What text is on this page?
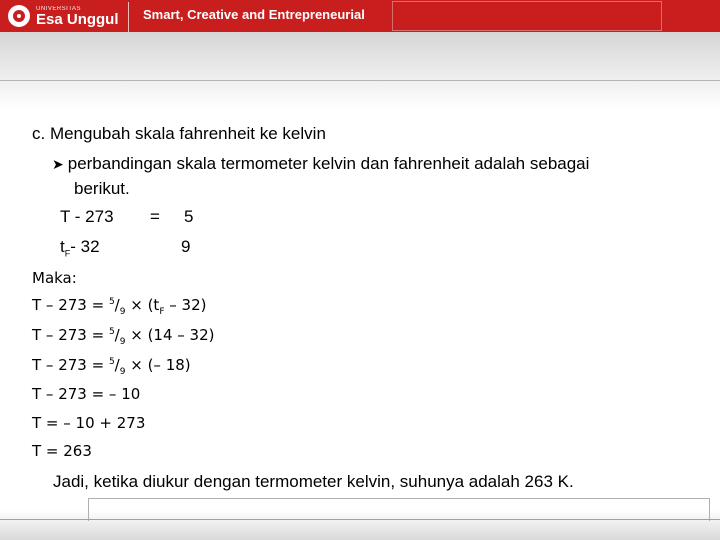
UNIVERSITAS
Esa Unggul Smart, Creative and Entrepreneurial
c. Mengubah skala fahrenheit ke kelvin
➤ perbandingan skala termometer kelvin dan fahrenheit adalah sebagai
berikut.
T - 273 = 5
$t_F-$ 32	9
Maka:
$T - 273 = ^5/_9 \times (t_F - 32)$
$T - 273 = ^5/_9 \times (14 - 32)$
$T - 273 = ^5/_9$ × (– 18)
T – 273 = – 10
T = – 10 + 273
T = 263
Jadi, ketika diukur dengan termometer kelvin, suhunya adalah 263 K.
